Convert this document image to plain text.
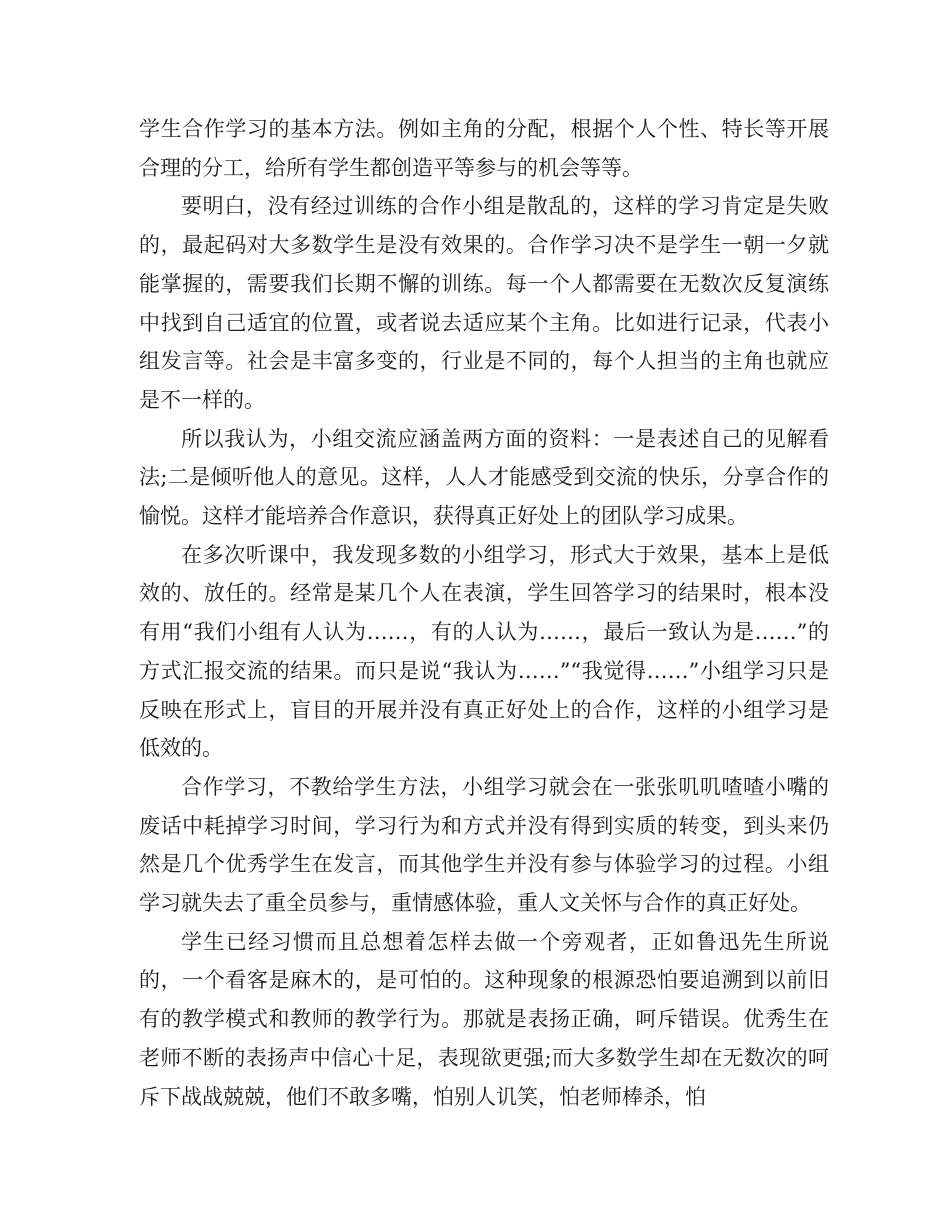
学生合作学习的基本方法。例如主角的分配，根据个人个性、特长等开展合理的分工，给所有学生都创造平等参与的机会等等。

要明白，没有经过训练的合作小组是散乱的，这样的学习肯定是失败的，最起码对大多数学生是没有效果的。合作学习决不是学生一朝一夕就能掌握的，需要我们长期不懈的训练。每一个人都需要在无数次反复演练中找到自己适宜的位置，或者说去适应某个主角。比如进行记录，代表小组发言等。社会是丰富多变的，行业是不同的，每个人担当的主角也就应是不一样的。

所以我认为，小组交流应涵盖两方面的资料：一是表述自己的见解看法;二是倾听他人的意见。这样，人人才能感受到交流的快乐，分享合作的愉悦。这样才能培养合作意识，获得真正好处上的团队学习成果。

在多次听课中，我发现多数的小组学习，形式大于效果，基本上是低效的、放任的。经常是某几个人在表演，学生回答学习的结果时，根本没有用“我们小组有人认为……，有的人认为……，最后一致认为是……”的方式汇报交流的结果。而只是说“我认为……”“我觉得……”小组学习只是反映在形式上，盲目的开展并没有真正好处上的合作，这样的小组学习是低效的。

合作学习，不教给学生方法，小组学习就会在一张张叽叽喳喳小嘴的废话中耗掉学习时间，学习行为和方式并没有得到实质的转变，到头来仍然是几个优秀学生在发言，而其他学生并没有参与体验学习的过程。小组学习就失去了重全员参与，重情感体验，重人文关怀与合作的真正好处。

学生已经习惯而且总想着怎样去做一个旁观者，正如鲁迅先生所说的，一个看客是麻木的，是可怕的。这种现象的根源恐怕要追溯到以前旧有的教学模式和教师的教学行为。那就是表扬正确，呵斥错误。优秀生在老师不断的表扬声中信心十足，表现欲更强;而大多数学生却在无数次的呵斥下战战兢兢，他们不敢多嘴，怕别人讥笑，怕老师棒杀，怕
